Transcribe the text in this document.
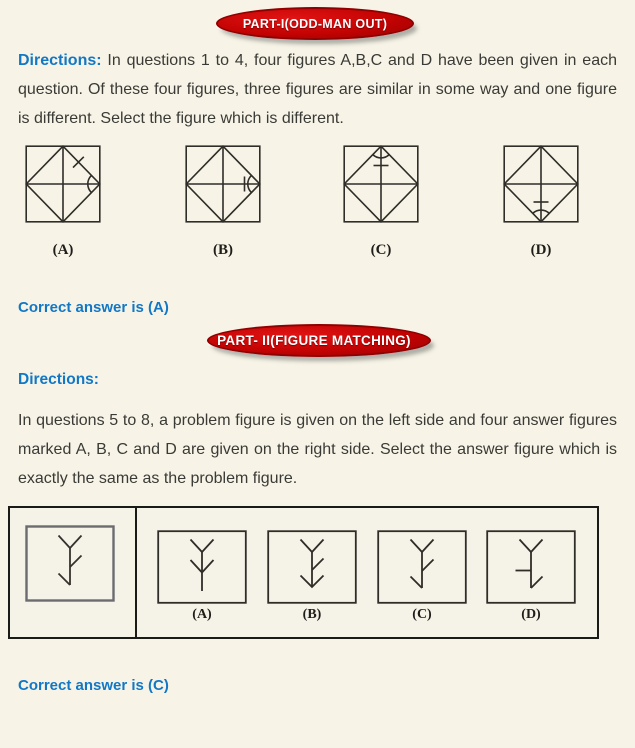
PART-I(ODD-MAN OUT)

Directions: In questions 1 to 4, four figures A,B,C and D have been given in each question. Of these four figures, three figures are similar in some way and one figure is different. Select the figure which is different.

(A)	(B)	(C)	(D)

Correct answer is (A)

PART- II(FIGURE MATCHING)

Directions:

In questions 5 to 8, a problem figure is given on the left side and four answer figures marked A, B, C and D are given on the right side. Select the answer figure which is exactly the same as the problem figure.

(A)	(B)	(C)	(D)

Correct answer is (C)
